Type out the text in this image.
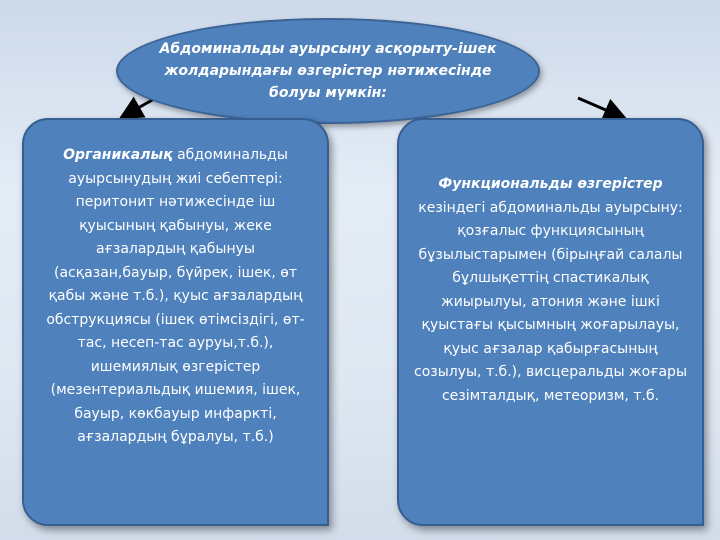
Абдоминальды ауырсыну асқорыту-ішек
жолдарындағы өзгерістер нәтижесінде
болуы мүмкін:
Органикалық абдоминальды ауырсынудың жиі себептері: перитонит нәтижесінде іш қуысының қабынуы, жеке ағзалардың қабынуы (асқазан,бауыр, бүйрек, ішек, өт қабы және т.б.), қуыс ағзалардың обструкциясы (ішек өтімсіздігі, өт-тас, несеп-тас ауруы,т.б.), ишемиялық өзгерістер (мезентериальдық ишемия, ішек, бауыр, көкбауыр инфаркті, ағзалардың бұралуы, т.б.)
Функциональды өзгерістер кезіндегі абдоминальды ауырсыну: қозғалыс функциясының бұзылыстарымен (бірыңғай салалы бұлшықеттің спастикалық жиырылуы, атония және ішкі қуыстағы қысымның жоғарылауы, қуыс ағзалар қабырғасының созылуы, т.б.), висцеральды жоғары сезімталдық, метеоризм, т.б.
